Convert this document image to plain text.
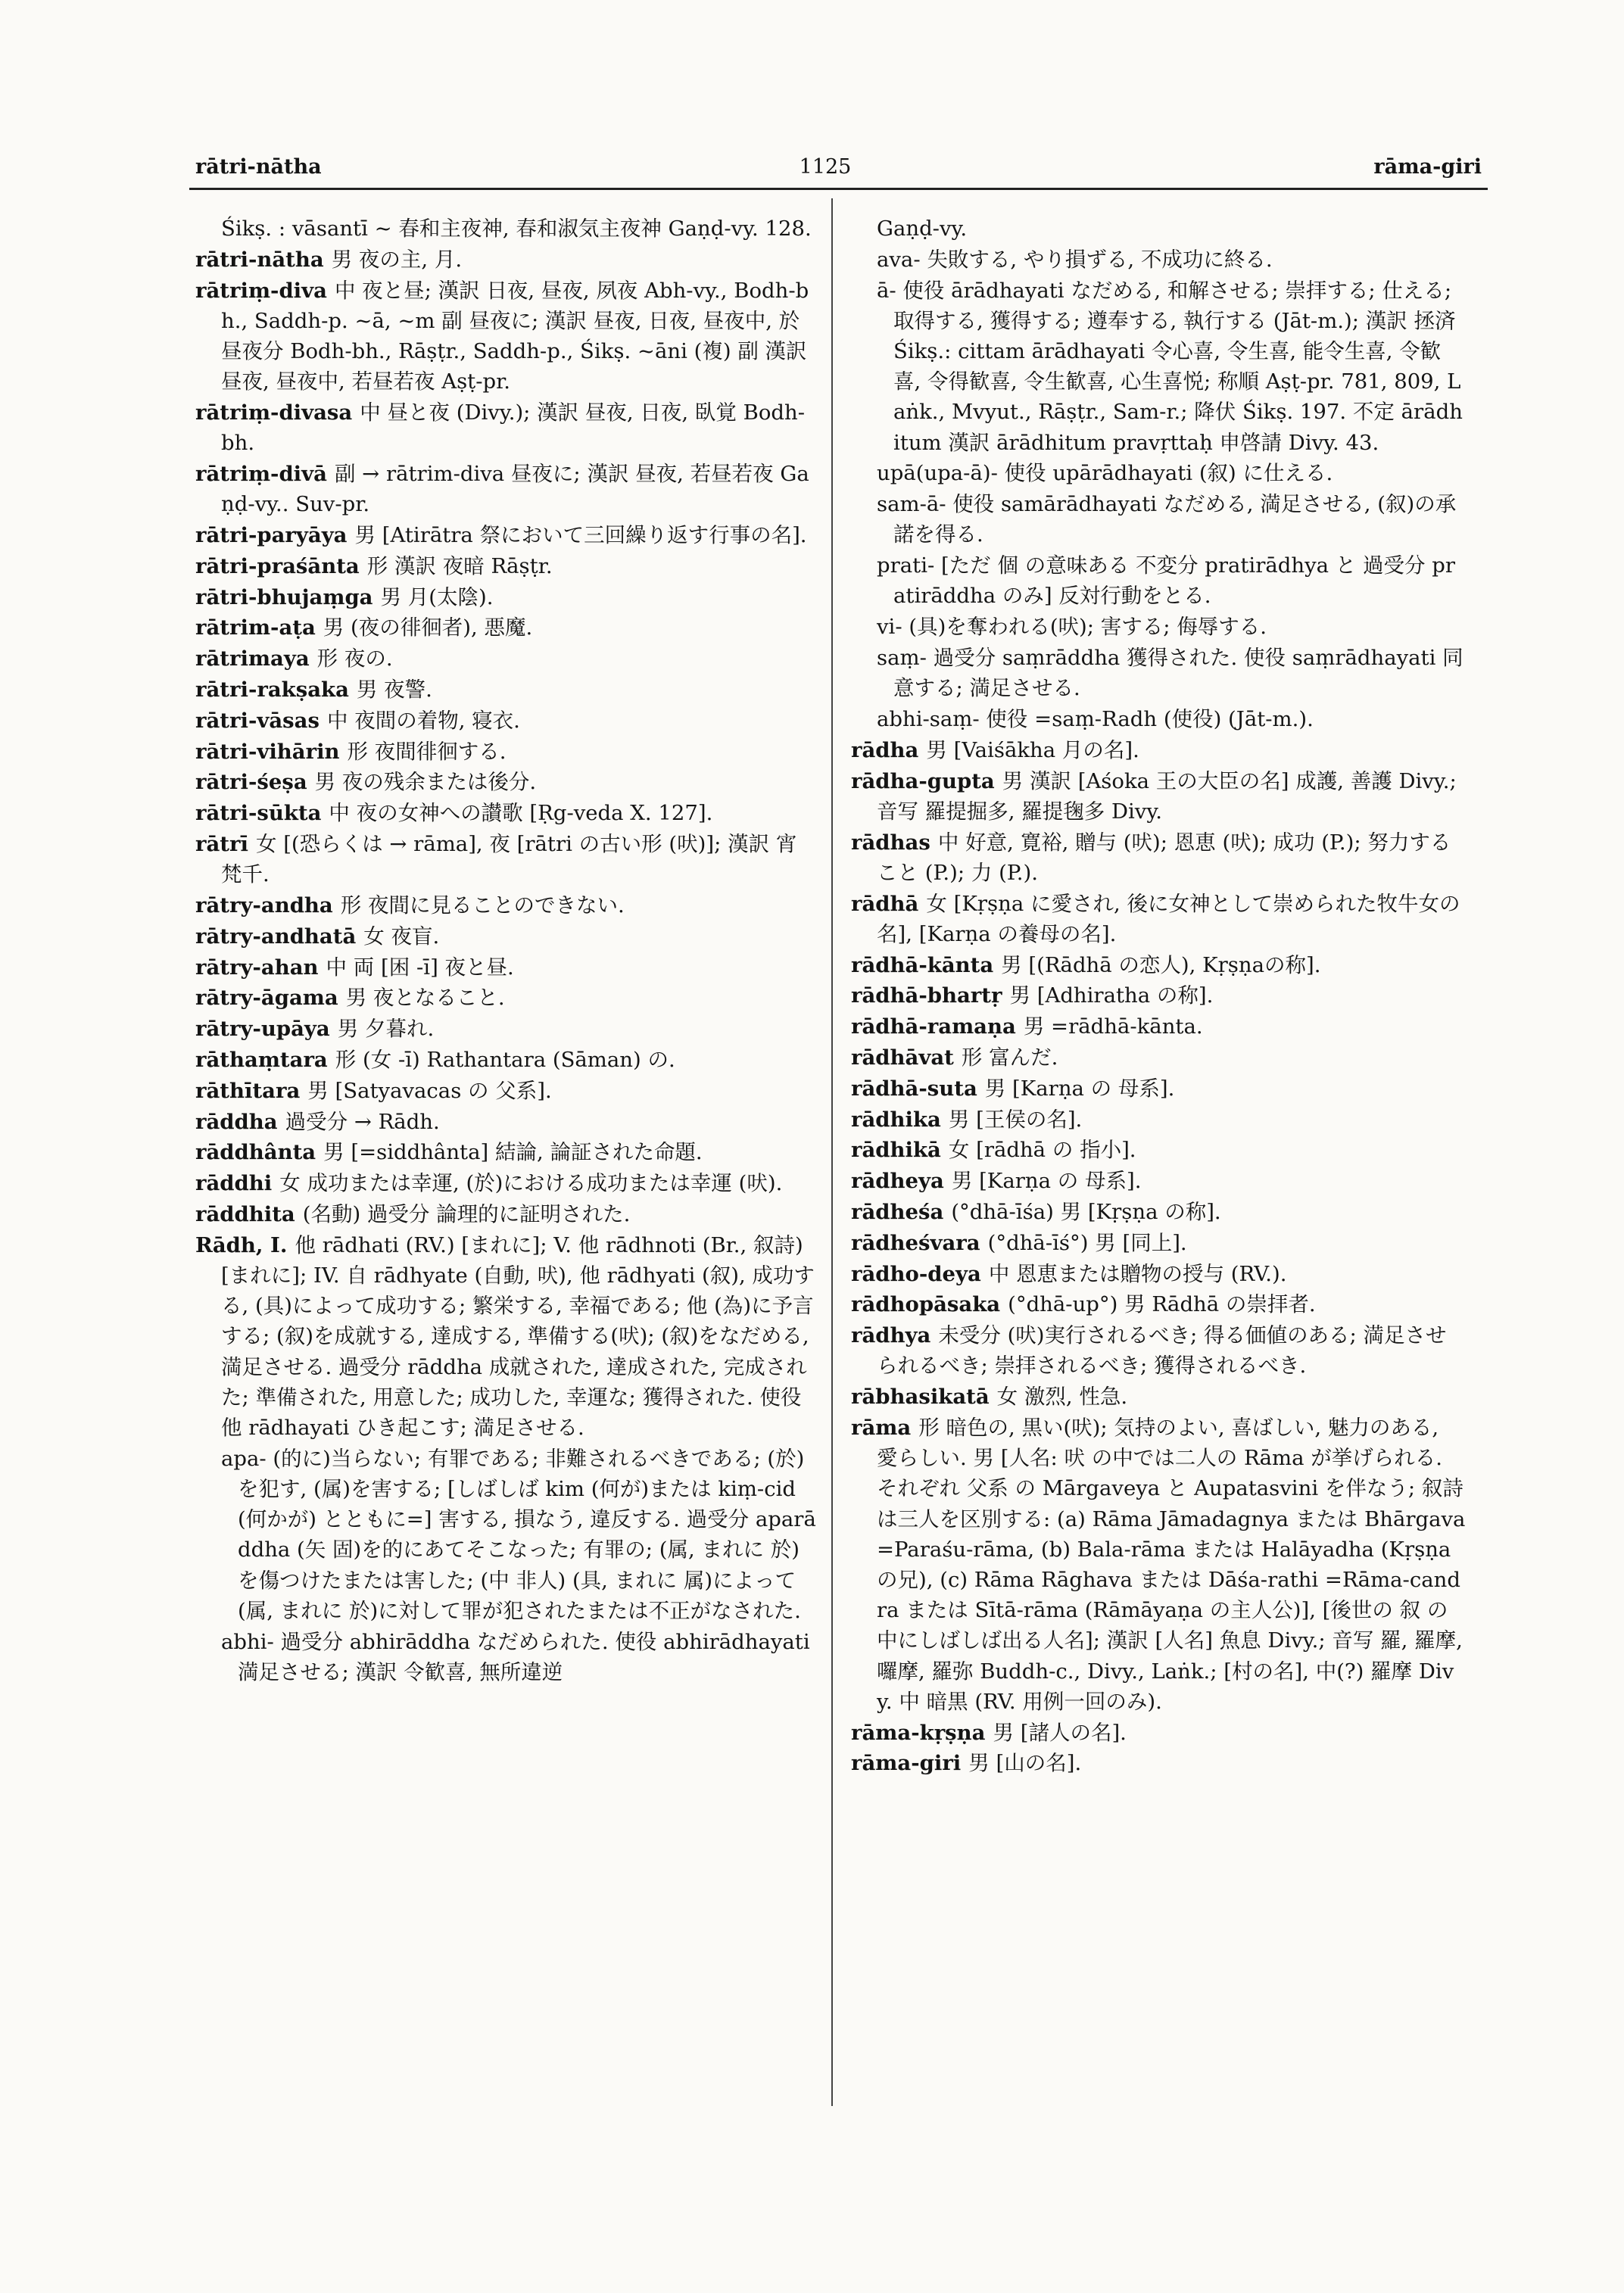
rātri-nātha	1125	rāma-giri
Śikṣ. : vāsantī ~ 春和主夜神, 春和淑気主夜神 Gaṇḍ-vy. 128.
rātri-nātha 男 夜の主, 月.
rātriṃ-diva 中 夜と昼; 漢訳 日夜, 昼夜, 夙夜 Abh-vy., Bodh-bh., Saddh-p. ~ā, ~m 副 昼夜に; 漢訳 昼夜, 日夜, 昼夜中, 於昼夜分 Bodh-bh., Rāṣṭr., Saddh-p., Śikṣ. ~āni (複) 副 漢訳 昼夜, 昼夜中, 若昼若夜 Aṣṭ-pr.
rātriṃ-divasa 中 昼と夜 (Divy.); 漢訳 昼夜, 日夜, 臥覚 Bodh-bh.
rātriṃ-divā 副 → rātrim-diva 昼夜に; 漢訳 昼夜, 若昼若夜 Gaṇḍ-vy.. Suv-pr.
rātri-paryāya 男 [Atirātra 祭において三回繰り返す行事の名].
rātri-praśānta 形 漢訳 夜暗 Rāṣṭr.
rātri-bhujaṃga 男 月(太陰).
rātrim-aṭa 男 (夜の徘徊者), 悪魔.
rātrimaya 形 夜の.
rātri-rakṣaka 男 夜警.
rātri-vāsas 中 夜間の着物, 寝衣.
rātri-vihārin 形 夜間徘徊する.
rātri-śeṣa 男 夜の残余または後分.
rātri-sūkta 中 夜の女神への讃歌 [Ṛg-veda X. 127].
rātrī 女 [(恐らくは → rāma], 夜 [rātri の古い形 (吠)]; 漢訳 宵 梵千.
rātry-andha 形 夜間に見ることのできない.
rātry-andhatā 女 夜盲.
rātry-ahan 中 両 [困 -ī] 夜と昼.
rātry-āgama 男 夜となること.
rātry-upāya 男 夕暮れ.
rāthaṃtara 形 (女 -ī) Rathantara (Sāman) の.
rāthītara 男 [Satyavacas の 父系].
rāddha 過受分 → Rādh.
rāddhânta 男 [=siddhânta] 結論, 論証された命題.
rāddhi 女 成功または幸運, (於)における成功または幸運 (吠).
rāddhita (名動) 過受分 論理的に証明された.
Rādh, I. 他 rādhati (RV.) [まれに]; V. 他 rādhnoti (Br., 叙詩) [まれに]; IV. 自 rādhyate (自動, 吠), 他 rādhyati (叙), 成功する, (具)によって成功する; 繁栄する, 幸福である; 他 (為)に予言する; (叙)を成就する, 達成する, 準備する(吠); (叙)をなだめる, 満足させる. 過受分 rāddha 成就された, 達成された, 完成された; 準備された, 用意した; 成功した, 幸運な; 獲得された. 使役 他 rādhayati ひき起こす; 満足させる.
apa- (的に)当らない; 有罪である; 非難されるべきである; (於)を犯す, (属)を害する; [しばしば kim (何が)または kiṃ-cid (何かが) とともに=] 害する, 損なう, 違反する. 過受分 aparāddha (矢 固)を的にあてそこなった; 有罪の; (属, まれに 於)を傷つけたまたは害した; (中 非人) (具, まれに 属)によって(属, まれに 於)に対して罪が犯されたまたは不正がなされた.
abhi- 過受分 abhirāddha なだめられた. 使役 abhirādhayati 満足させる; 漢訳 令歓喜, 無所違逆
Gaṇḍ-vy.
ava- 失敗する, やり損ずる, 不成功に終る.
ā- 使役 ārādhayati なだめる, 和解させる; 崇拝する; 仕える; 取得する, 獲得する; 遵奉する, 執行する (Jāt-m.); 漢訳 拯済 Śikṣ.: cittam ārādhayati 令心喜, 令生喜, 能令生喜, 令歓喜, 令得歓喜, 令生歓喜, 心生喜悦; 称順 Aṣṭ-pr. 781, 809, Laṅk., Mvyut., Rāṣṭr., Sam-r.; 降伏 Śikṣ. 197. 不定 ārādhitum 漢訳 ārādhitum pravṛttaḥ 申啓請 Divy. 43.
upā(upa-ā)- 使役 upārādhayati (叙) に仕える.
sam-ā- 使役 samārādhayati なだめる, 満足させる, (叙)の承諾を得る.
prati- [ただ 個 の意味ある 不変分 pratirādhya と 過受分 pratirāddha のみ] 反対行動をとる.
vi- (具)を奪われる(吠); 害する; 侮辱する.
saṃ- 過受分 saṃrāddha 獲得された. 使役 saṃrādhayati 同意する; 満足させる.
abhi-saṃ- 使役 =saṃ-Radh (使役) (Jāt-m.).
rādha 男 [Vaiśākha 月の名].
rādha-gupta 男 漢訳 [Aśoka 王の大臣の名] 成護, 善護 Divy.; 音写 羅提掘多, 羅提毱多 Divy.
rādhas 中 好意, 寛裕, 贈与 (吠); 恩恵 (吠); 成功 (P.); 努力すること (P.); 力 (P.).
rādhā 女 [Kṛṣṇa に愛され, 後に女神として崇められた牧牛女の名], [Karṇa の養母の名].
rādhā-kānta 男 [(Rādhā の恋人), Kṛṣṇaの称].
rādhā-bhartṛ 男 [Adhiratha の称].
rādhā-ramaṇa 男 =rādhā-kānta.
rādhāvat 形 富んだ.
rādhā-suta 男 [Karṇa の 母系].
rādhika 男 [王侯の名].
rādhikā 女 [rādhā の 指小].
rādheya 男 [Karṇa の 母系].
rādheśa (°dhā-īśa) 男 [Kṛṣṇa の称].
rādheśvara (°dhā-īś°) 男 [同上].
rādho-deya 中 恩恵または贈物の授与 (RV.).
rādhopāsaka (°dhā-up°) 男 Rādhā の崇拝者.
rādhya 未受分 (吠)実行されるべき; 得る価値のある; 満足させられるべき; 崇拝されるべき; 獲得されるべき.
rābhasikatā 女 激烈, 性急.
rāma 形 暗色の, 黒い(吠); 気持のよい, 喜ばしい, 魅力のある, 愛らしい. 男 [人名: 吠 の中では二人の Rāma が挙げられる. それぞれ 父系 の Mārgaveya と Aupatasvini を伴なう; 叙詩 は三人を区別する: (a) Rāma Jāmadagnya または Bhārgava =Paraśu-rāma, (b) Bala-rāma または Halāyadha (Kṛṣṇa の兄), (c) Rāma Rāghava または Dāśa-rathi =Rāma-candra または Sītā-rāma (Rāmāyaṇa の主人公)], [後世の 叙 の中にしばしば出る人名]; 漢訳 [人名] 魚息 Divy.; 音写 羅, 羅摩, 囉摩, 羅弥 Buddh-c., Divy., Laṅk.; [村の名], 中(?) 羅摩 Divy. 中 暗黒 (RV. 用例一回のみ).
rāma-kṛṣṇa 男 [諸人の名].
rāma-giri 男 [山の名].
